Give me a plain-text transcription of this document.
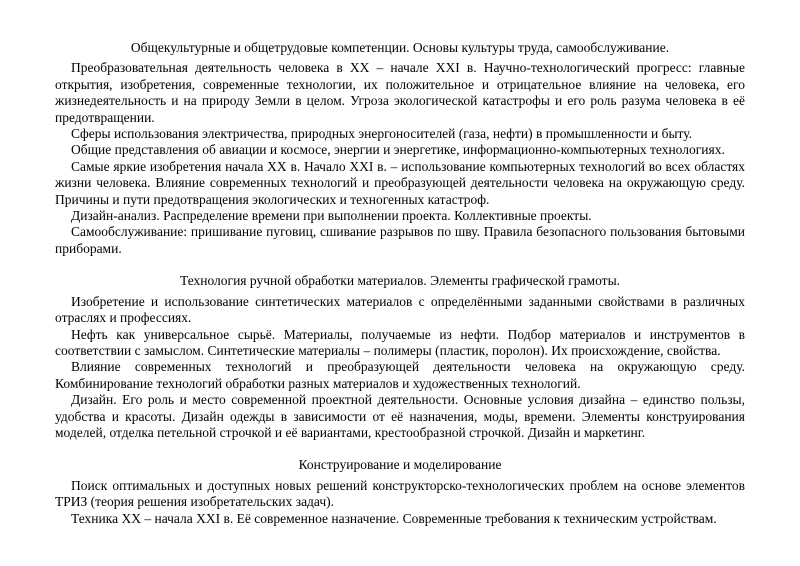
Общекультурные и общетрудовые компетенции. Основы культуры труда, самообслуживание.

Преобразовательная деятельность человека в XX – начале XXI в. Научно-технологический прогресс: главные открытия, изобретения, современные технологии, их положительное и отрицательное влияние на человека, его жизнедеятельность и на природу Земли в целом. Угроза экологической катастрофы и его роль разума человека в её предотвращении.

Сферы использования электричества, природных энергоносителей (газа, нефти) в промышленности и быту.

Общие представления об авиации и космосе, энергии и энергетике, информационно-компьютерных технологиях.

Самые яркие изобретения начала XX в. Начало XXI в. – использование компьютерных технологий во всех областях жизни человека. Влияние современных технологий и преобразующей деятельности человека на окружающую среду. Причины и пути предотвращения экологических и техногенных катастроф.

Дизайн-анализ. Распределение времени при выполнении проекта. Коллективные проекты.

Самообслуживание: пришивание пуговиц, сшивание разрывов по шву. Правила безопасного пользования бытовыми приборами.

Технология ручной обработки материалов. Элементы графической грамоты.

Изобретение и использование синтетических материалов с определёнными заданными свойствами в различных отраслях и профессиях.

Нефть как универсальное сырьё. Материалы, получаемые из нефти. Подбор материалов и инструментов в соответствии с замыслом. Синтетические материалы – полимеры (пластик, поролон). Их происхождение, свойства.

Влияние современных технологий и преобразующей деятельности человека на окружающую среду. Комбинирование технологий обработки разных материалов и художественных технологий.

Дизайн. Его роль и место современной проектной деятельности. Основные условия дизайна – единство пользы, удобства и красоты. Дизайн одежды в зависимости от её назначения, моды, времени. Элементы конструирования моделей, отделка петельной строчкой и её вариантами, крестообразной строчкой. Дизайн и маркетинг.

Конструирование и моделирование

Поиск оптимальных и доступных новых решений конструкторско-технологических проблем на основе элементов ТРИЗ (теория решения изобретательских задач).

Техника XX – начала XXI в. Её современное назначение. Современные требования к техническим устройствам.
